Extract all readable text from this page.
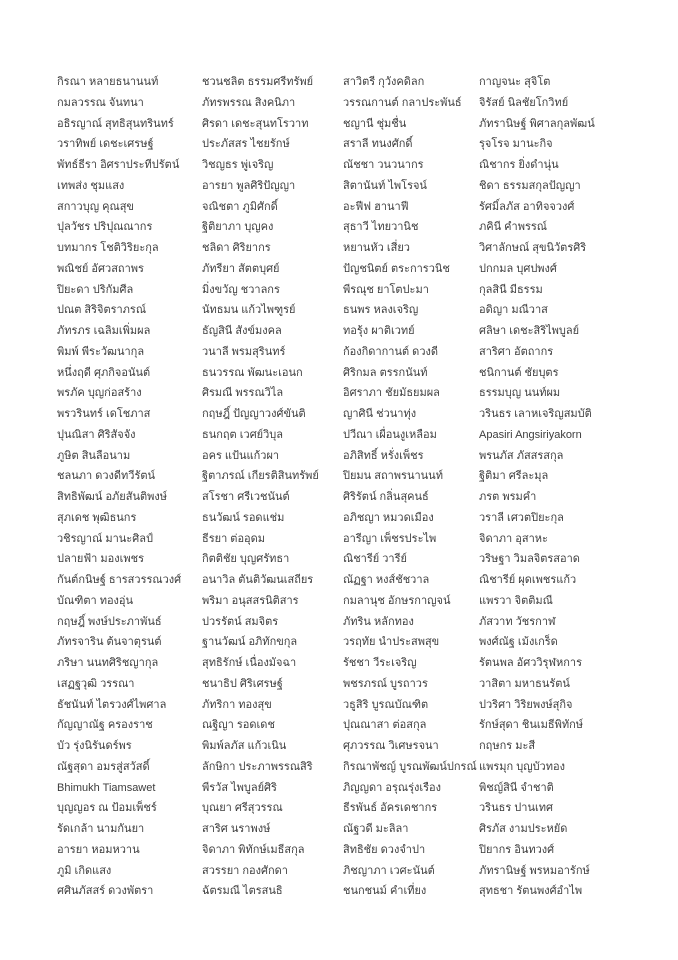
กิรณา หลายธนานนท์
กมลวรรณ จันทนา
อธิรญาณ์ สุทธิสุนทรินทร์
วราทิพย์ เดชะเศรษฐ์
พัทธ์ธีรา อิศราประทีปรัตน์
เทพส่ง ชุมแสง
สกาวบุญ คุณสุข
ปุลวัชร ปริปุณณากร
บทมากร โชติวิริยะกุล
พณิชย์ อัศวสถาพร
ปิยะดา ปริกัมศีล
ปณต สิริจิตราภรณ์
ภัทรภร เฉลิมเพิ่มผล
พิมพ์ พีระวัฒนากุล
หนึ่งฤดี ศุภกิจอนันต์
พรภัค บุญก่อสร้าง
พรวรินทร์ เดโชภาส
ปุนณิสา ศิริสัจจัง
ภูษิต สินลือนาม
ชลนภา ดวงดีทวีรัตน์
สิทธิพัฒน์ อภัยสันติพงษ์
สุภเดช พุฒิธนกร
วชิรญาณ์ มานะศิลป์
ปลายฟ้า มองเพชร
กันต์กนิษฐ์ ธารสวรรณวงศ์
บัณฑิตา ทองอุ่น
กฤษฎิ์ พงษ์ประภาพันธ์
ภัทรจาริน ต้นจาตุรนต์
ภริษา นนทศิริชญากุล
เสฏฐวุฒิ วรรณา
ธัชนันท์ ไตรวงศ์ไพศาล
กัญญาณัฐ ครองราช
บัว รุ่งนิรันดร์พร
ณัฐสุดา อมรสู่สวัสดิ์
Bhimukh Tiamsawet
บุญญอร ณ ป้อมเพ็ชร์
รัดเกล้า นามกันยา
อารยา หอมหวาน
ภูมิ เกิดแสง
ศศินภัสสร์ ดวงพัตรา
ชวนชลิต ธรรมศรีทรัพย์
ภัทรพรรณ สิงคนิภา
ศิรดา เดชะสุนทโรวาท
ประภัสสร ไชยรักษ์
วิชญธร พู่เจริญ
อารยา พูลศิริปัญญา
จณิชตา ภูมิศักดิ์
ฐิติยาภา บุญคง
ชลิดา ศิริยากร
ภัทรียา สัตตบุศย์
มิ่งขวัญ ชวาลกร
นัทธมน แก้วไพฑูรย์
ธัญสินี สังข์มงคล
วนาลี พรมสุรินทร์
ธนวรรณ พัฒนะเอนก
ศิรมณี พรรณวิไล
กฤษฎิ์ ปัญญาวงศ์ขันติ
ธนกฤต เวศย์วิบุล
อคร แป้นแก้วผา
ฐิตาภรณ์ เกียรติสินทรัพย์
สโรชา ศรีเวชนันต์
ธนวัฒน์ รอดแช่ม
ธีรยา ต่ออุดม
กิตติชัย บุญศรัทธา
อนาวิล ตันติวัฒนเสถียร
พริมา อนุสสรนิติสาร
ปวรรัตน์ สมจิตร
ฐานวัฒน์ อภิทักขกุล
สุทธิรักษ์ เนื่องมัจฉา
ชนาธิป ศิริเศรษฐ์
ภัทริกา ทองสุข
ณฐิญา รอดเดช
พิมพ์ลภัส แก้วเนิน
ลักษิกา ประภาพรรณสิริ
พีรวัส ไพบูลย์ศิริ
บุณยา ศรีสุวรรณ
สาริศ นราพงษ์
จิดาภา พิทักษ์เมธีสกุล
สวรรยา กองศักดา
ฉัตรมณี ไตรสนธิ
สาวิตรี กุวังคดิลก
วรรณกานต์ กลาประพันธ์
ชญานี ชุ่มชื่น
สราลี ทนงศักดิ์
ณัชชา วนวนากร
สิตานันท์ ไพโรจน์
อะฟีฟ ฮานาฟี
สุธาวี ไทยวานิช
หยานหัว เสี่ยว
ปัญชนิตย์ ตระการวนิช
พีรณุช ยาโตปะมา
ธนพร หลงเจริญ
ทอรุ้ง ผาติเวทย์
ก้องกิดากานต์ ดวงดี
ศิริกมล ตรรกนันท์
อิศราภา ชัยมัธยมผล
ญาศินี ช่วนาทุ่ง
ปวีณา เผื่อนงูเหลือม
อภิสิทธิ์ หรั่งเพ็ชร
ปิยมน สถาพรนานนท์
ศิริรัตน์ กลิ่นสุคนธ์
อภิชญา หมวดเมือง
อารีญา เพ็ชรประไพ
ณิชารีย์ วารีย์
ณัฏฐา หงส์ชัชวาล
กมลานุช อักษรกาญจน์
ภัทริน หลักทอง
วรฤทัย นำประสพสุข
รัชชา วีระเจริญ
พชรภรณ์ บูรถาวร
วธูสิริ บูรณบัณฑิต
ปุณณาสา ต่อสกุล
ศุภวรรณ วิเศษรจนา
กิรณาพัชญ์ บูรณพัฒน์ปกรณ์
ภิญญดา อรุณรุ่งเรือง
ธีรพันธ์ อัครเดชากร
ณัฐวดี มะลิลา
สิทธิชัย ดวงจำปา
ภิชญาภา เวศะนันต์
ชนกชนม์ คำเที่ยง
กาญจนะ สุจิโต
จิรัสย์ นิลชัยโกวิทย์
ภัทรานิษฐ์ พิศาลกุลพัฒน์
รุจโรจ มานะกิจ
ณิชากร ยิ่งดำนุ่น
ชิดา ธรรมสกุลปัญญา
รัศมิ์ลภัส อาทิจจวงศ์
ภคินี คำพรรณ์
วิศาลักษณ์ สุขนิวัตรศิริ
ปกกมล บุศปพงศ์
กุลสินี มีธรรม
อดิญา มณีวาส
ศลิษา เดชะสิริไพบูลย์
สาริศา อัตถากร
ชนิกานต์ ชัยบุตร
ธรรมบุญ นนท์ผม
วรินธร เลาหเจริญสมบัติ
Apasiri Angsiriyakorn
พรนภัส ภัสสรสกุล
ฐิติมา ศรีละมุล
ภรต พรมคำ
วราลี เศวตปิยะกุล
จิดาภา อุสาหะ
วริษฐา วิมลจิตรสอาด
ณิชารีย์ ผุดเพชรแก้ว
แพรวา จิตติมณี
ภัสวาท วัชรกาฬ
พงศ์ณัฐ เม้งเกร็ด
รัตนพล อัศววิรุฬหการ
วาสิตา มหาธนรัตน์
ปวริศา วิริยพงษ์สุกิจ
รักษ์สุดา ชินเมธีพิทักษ์
กฤษกร มะสี
แพรมุก บุญบัวทอง
พิชญ์สินี จำชาติ
วรินธร ปานเทศ
ศิรภัส งามประหยัด
ปิยากร อินทวงศ์
ภัทรานิษฐ์ พรหมอารักษ์
สุทธชา รัตนพงศ์อำไพ
